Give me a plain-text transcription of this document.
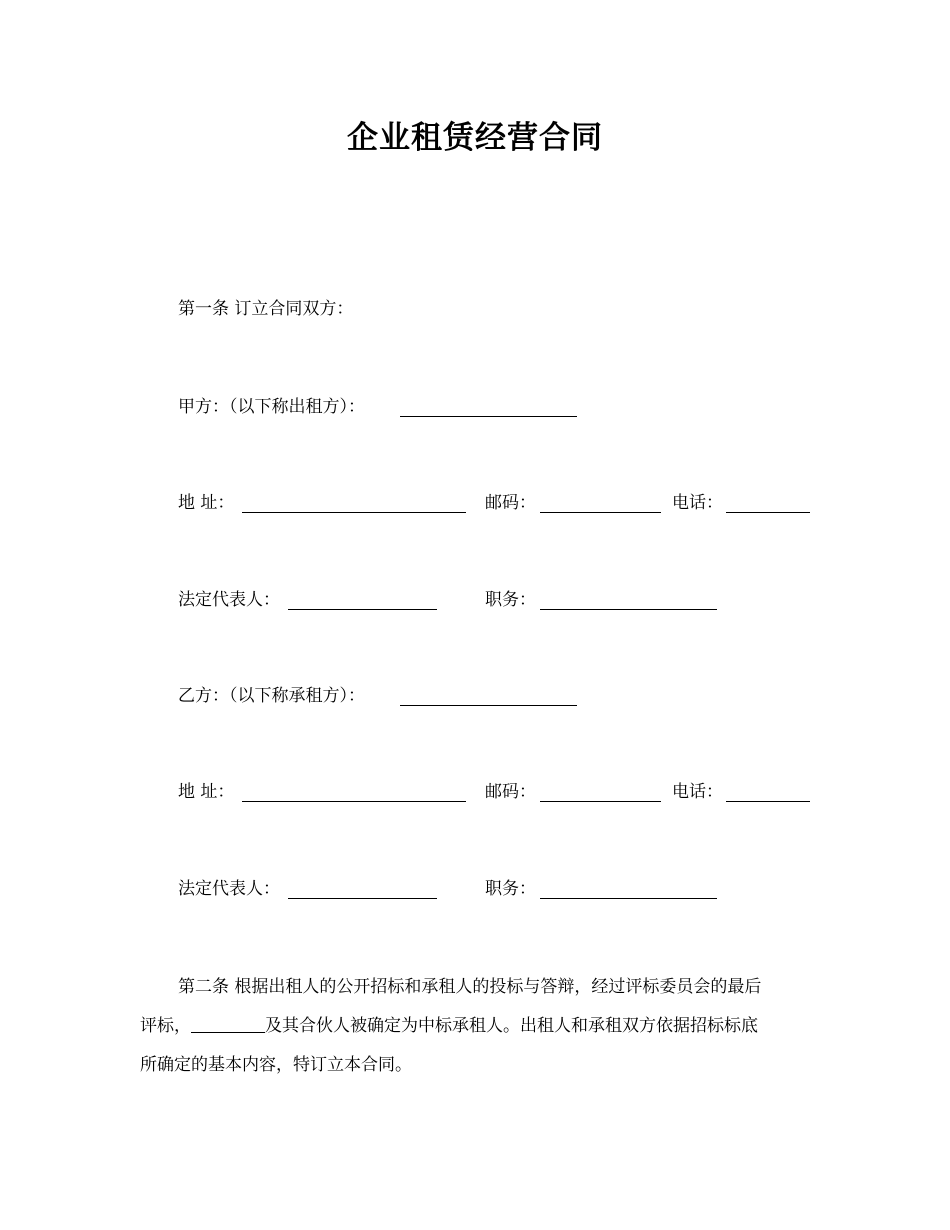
企业租赁经营合同
第一条 订立合同双方：
甲方：（以下称出租方）：
地 址：	邮码：	电话：
法定代表人：	职务：
乙方：（以下称承租方）：
地 址：	邮码：	电话：
法定代表人：	职务：
第二条 根据出租人的公开招标和承租人的投标与答辩，经过评标委员会的最后
评标，	及其合伙人被确定为中标承租人。出租人和承租双方依据招标标底
所确定的基本内容，特订立本合同。
